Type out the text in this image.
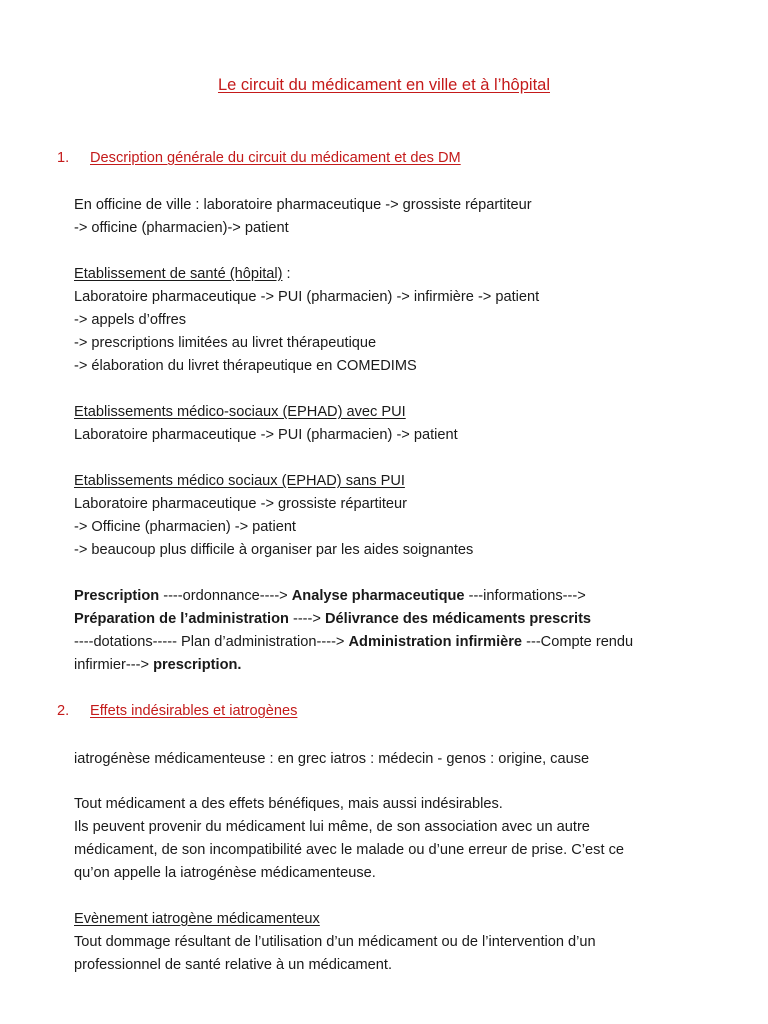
Le circuit du médicament en ville et à l’hôpital
1. Description générale du circuit du médicament et des DM
En officine de ville : laboratoire pharmaceutique -> grossiste répartiteur
-> officine (pharmacien)-> patient
Etablissement de santé (hôpital) :
Laboratoire pharmaceutique -> PUI (pharmacien) -> infirmière -> patient
-> appels d’offres
-> prescriptions limitées au livret thérapeutique
-> élaboration du livret thérapeutique en COMEDIMS
Etablissements médico-sociaux (EPHAD) avec PUI
Laboratoire pharmaceutique -> PUI (pharmacien) -> patient
Etablissements médico sociaux (EPHAD) sans PUI
Laboratoire pharmaceutique -> grossiste répartiteur
-> Officine (pharmacien) -> patient
-> beaucoup plus difficile à organiser par les aides soignantes
Prescription ----ordonnance----> Analyse pharmaceutique ---informations--->
Préparation de l’administration ----> Délivrance des médicaments prescrits
----dotations----- Plan d’administration----> Administration infirmière ---Compte rendu
infirmier---> prescription.
2. Effets indésirables et iatrogènes
iatrogénèse médicamenteuse : en grec iatros : médecin - genos : origine, cause
Tout médicament a des effets bénéfiques, mais aussi indésirables.
Ils peuvent provenir du médicament lui même, de son association avec un autre
médicament, de son incompatibilité avec le malade ou d’une erreur de prise. C’est ce
qu’on appelle la iatrogénèse médicamenteuse.
Evènement iatrogène médicamenteux
Tout dommage résultant de l’utilisation d’un médicament ou de l’intervention d’un
professionnel de santé relative à un médicament.
